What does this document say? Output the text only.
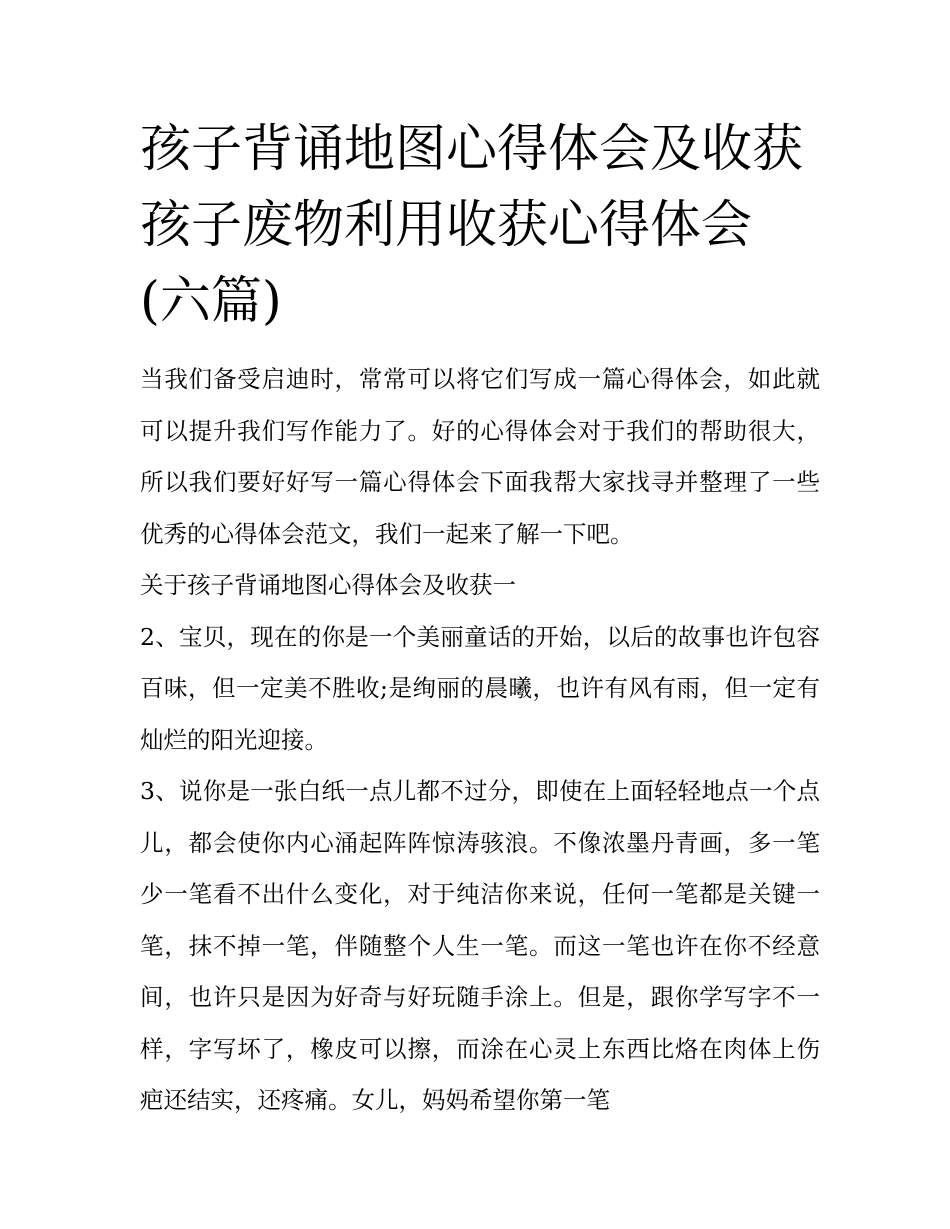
孩子背诵地图心得体会及收获孩子废物利用收获心得体会(六篇)

当我们备受启迪时，常常可以将它们写成一篇心得体会，如此就可以提升我们写作能力了。好的心得体会对于我们的帮助很大，所以我们要好好写一篇心得体会下面我帮大家找寻并整理了一些优秀的心得体会范文，我们一起来了解一下吧。

关于孩子背诵地图心得体会及收获一

2、宝贝，现在的你是一个美丽童话的开始，以后的故事也许包容百味，但一定美不胜收;是绚丽的晨曦，也许有风有雨，但一定有灿烂的阳光迎接。

3、说你是一张白纸一点儿都不过分，即使在上面轻轻地点一个点儿，都会使你内心涌起阵阵惊涛骇浪。不像浓墨丹青画，多一笔少一笔看不出什么变化，对于纯洁你来说，任何一笔都是关键一笔，抹不掉一笔，伴随整个人生一笔。而这一笔也许在你不经意间，也许只是因为好奇与好玩随手涂上。但是，跟你学写字不一样，字写坏了，橡皮可以擦，而涂在心灵上东西比烙在肉体上伤疤还结实，还疼痛。女儿，妈妈希望你第一笔
